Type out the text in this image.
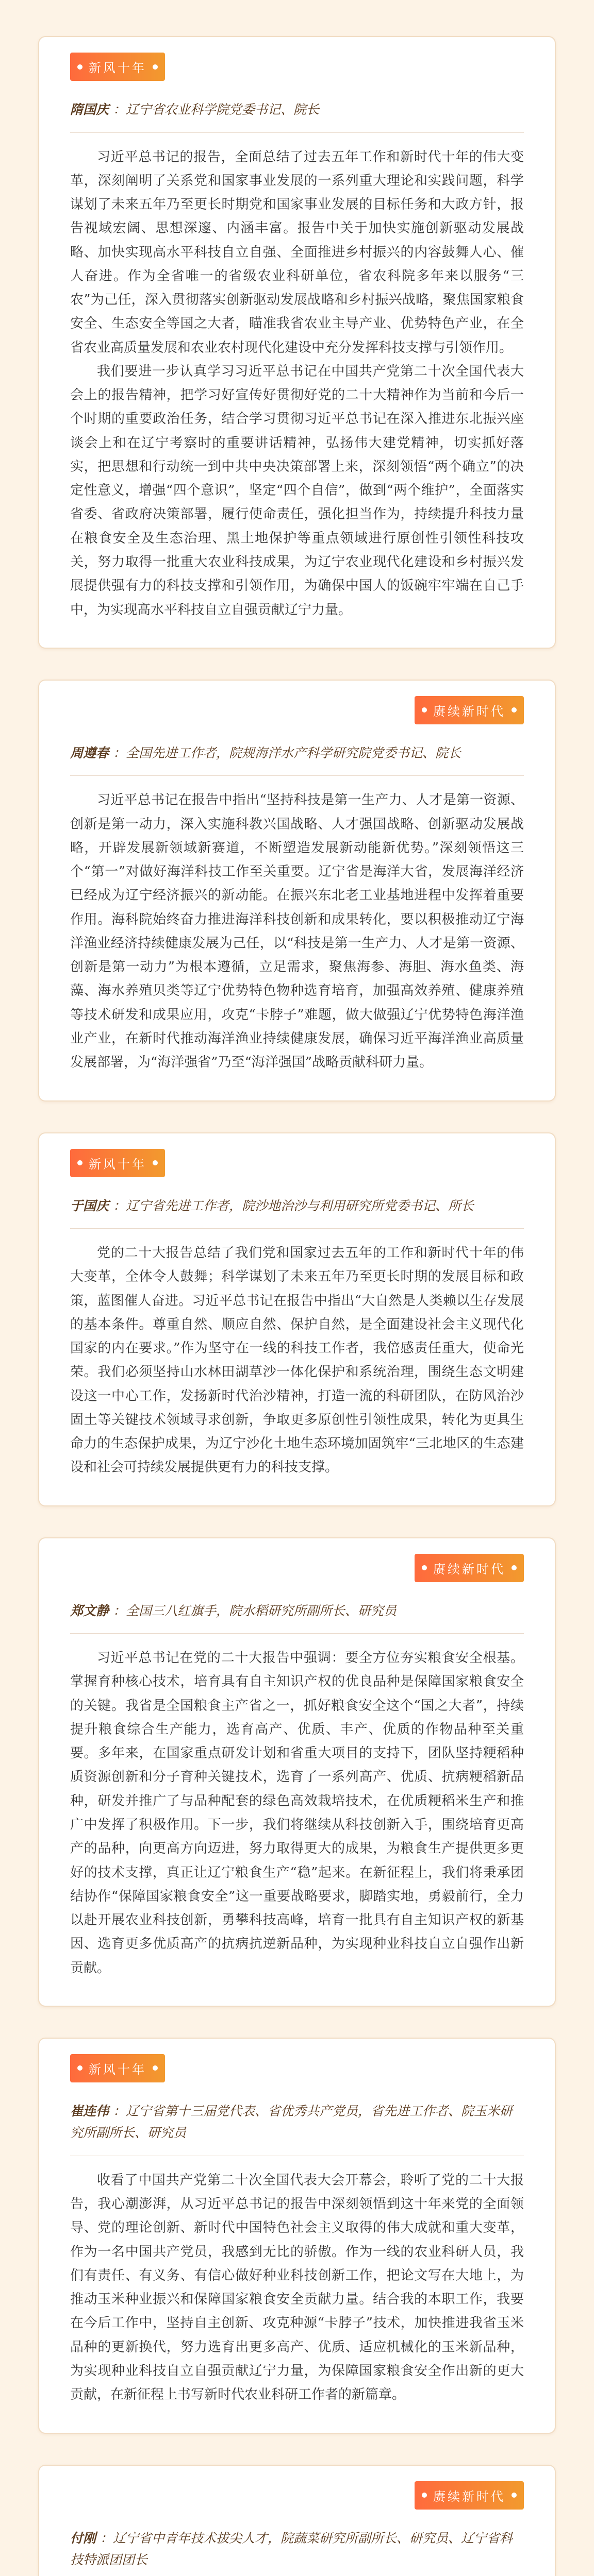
新风十年
隋国庆 ：辽宁省农业科学院党委书记、院长

习近平总书记的报告，全面总结了过去五年工作和新时代十年的伟大变革，深刻阐明了关系党和国家事业发展的一系列重大理论和实践问题，科学谋划了未来五年乃至更长时期党和国家事业发展的目标任务和大政方针，报告视域宏阔、思想深邃、内涵丰富。报告中关于加快实施创新驱动发展战略、加快实现高水平科技自立自强、全面推进乡村振兴的内容鼓舞人心、催人奋进。作为全省唯一的省级农业科研单位，省农科院多年来以服务“三农”为己任，深入贯彻落实创新驱动发展战略和乡村振兴战略，聚焦国家粮食安全、生态安全等国之大者，瞄准我省农业主导产业、优势特色产业，在全省农业高质量发展和农业农村现代化建设中充分发挥科技支撑与引领作用。

我们要进一步认真学习习近平总书记在中国共产党第二十次全国代表大会上的报告精神，把学习好宣传好贯彻好党的二十大精神作为当前和今后一个时期的重要政治任务，结合学习贯彻习近平总书记在深入推进东北振兴座谈会上和在辽宁考察时的重要讲话精神，弘扬伟大建党精神，切实抓好落实，把思想和行动统一到中共中央决策部署上来，深刻领悟“两个确立”的决定性意义，增强“四个意识”，坚定“四个自信”，做到“两个维护”，全面落实省委、省政府决策部署，履行使命责任，强化担当作为，持续提升科技力量在粮食安全及生态治理、黑土地保护等重点领域进行原创性引领性科技攻关，努力取得一批重大农业科技成果，为辽宁农业现代化建设和乡村振兴发展提供强有力的科技支撑和引领作用，为确保中国人的饭碗牢牢端在自己手中，为实现高水平科技自立自强贡献辽宁力量。

赓续新时代
周遵春 ：全国先进工作者，院规海洋水产科学研究院党委书记、院长

习近平总书记在报告中指出“坚持科技是第一生产力、人才是第一资源、创新是第一动力，深入实施科教兴国战略、人才强国战略、创新驱动发展战略，开辟发展新领域新赛道，不断塑造发展新动能新优势。”深刻领悟这三个“第一”对做好海洋科技工作至关重要。辽宁省是海洋大省，发展海洋经济已经成为辽宁经济振兴的新动能。在振兴东北老工业基地进程中发挥着重要作用。海科院始终奋力推进海洋科技创新和成果转化，要以积极推动辽宁海洋渔业经济持续健康发展为己任，以“科技是第一生产力、人才是第一资源、创新是第一动力”为根本遵循，立足需求，聚焦海参、海胆、海水鱼类、海藻、海水养殖贝类等辽宁优势特色物种选育培育，加强高效养殖、健康养殖等技术研发和成果应用，攻克“卡脖子”难题，做大做强辽宁优势特色海洋渔业产业，在新时代推动海洋渔业持续健康发展，确保习近平海洋渔业高质量发展部署，为“海洋强省”乃至“海洋强国”战略贡献科研力量。

新风十年
于国庆 ：辽宁省先进工作者，院沙地治沙与利用研究所党委书记、所长

党的二十大报告总结了我们党和国家过去五年的工作和新时代十年的伟大变革，全体令人鼓舞；科学谋划了未来五年乃至更长时期的发展目标和政策，蓝图催人奋进。习近平总书记在报告中指出“大自然是人类赖以生存发展的基本条件。尊重自然、顺应自然、保护自然，是全面建设社会主义现代化国家的内在要求。”作为坚守在一线的科技工作者，我倍感责任重大，使命光荣。我们必须坚持山水林田湖草沙一体化保护和系统治理，围绕生态文明建设这一中心工作，发扬新时代治沙精神，打造一流的科研团队，在防风治沙固土等关键技术领域寻求创新，争取更多原创性引领性成果，转化为更具生命力的生态保护成果，为辽宁沙化土地生态环境加固筑牢“三北地区的生态建设和社会可持续发展提供更有力的科技支撑。

赓续新时代
郑文静 ：全国三八红旗手，院水稻研究所副所长、研究员

习近平总书记在党的二十大报告中强调：要全方位夯实粮食安全根基。掌握育种核心技术，培育具有自主知识产权的优良品种是保障国家粮食安全的关键。我省是全国粮食主产省之一，抓好粮食安全这个“国之大者”，持续提升粮食综合生产能力，选育高产、优质、丰产、优质的作物品种至关重要。多年来，在国家重点研发计划和省重大项目的支持下，团队坚持粳稻种质资源创新和分子育种关键技术，选育了一系列高产、优质、抗病粳稻新品种，研发并推广了与品种配套的绿色高效栽培技术，在优质粳稻米生产和推广中发挥了积极作用。下一步，我们将继续从科技创新入手，围绕培育更高产的品种，向更高方向迈进，努力取得更大的成果，为粮食生产提供更多更好的技术支撑，真正让辽宁粮食生产“稳”起来。在新征程上，我们将秉承团结协作“保障国家粮食安全”这一重要战略要求，脚踏实地，勇毅前行，全力以赴开展农业科技创新，勇攀科技高峰，培育一批具有自主知识产权的新基因、选育更多优质高产的抗病抗逆新品种，为实现种业科技自立自强作出新贡献。

新风十年
崔连伟 ：辽宁省第十三届党代表、省优秀共产党员，省先进工作者、院玉米研究所副所长、研究员

收看了中国共产党第二十次全国代表大会开幕会，聆听了党的二十大报告，我心潮澎湃，从习近平总书记的报告中深刻领悟到这十年来党的全面领导、党的理论创新、新时代中国特色社会主义取得的伟大成就和重大变革，作为一名中国共产党员，我感到无比的骄傲。作为一线的农业科研人员，我们有责任、有义务、有信心做好种业科技创新工作，把论文写在大地上，为推动玉米种业振兴和保障国家粮食安全贡献力量。结合我的本职工作，我要在今后工作中，坚持自主创新、攻克种源“卡脖子”技术，加快推进我省玉米品种的更新换代，努力选育出更多高产、优质、适应机械化的玉米新品种，为实现种业科技自立自强贡献辽宁力量，为保障国家粮食安全作出新的更大贡献，在新征程上书写新时代农业科研工作者的新篇章。

赓续新时代
付刚 ：辽宁省中青年技术拔尖人才，院蔬菜研究所副所长、研究员、辽宁省科技特派团团长
